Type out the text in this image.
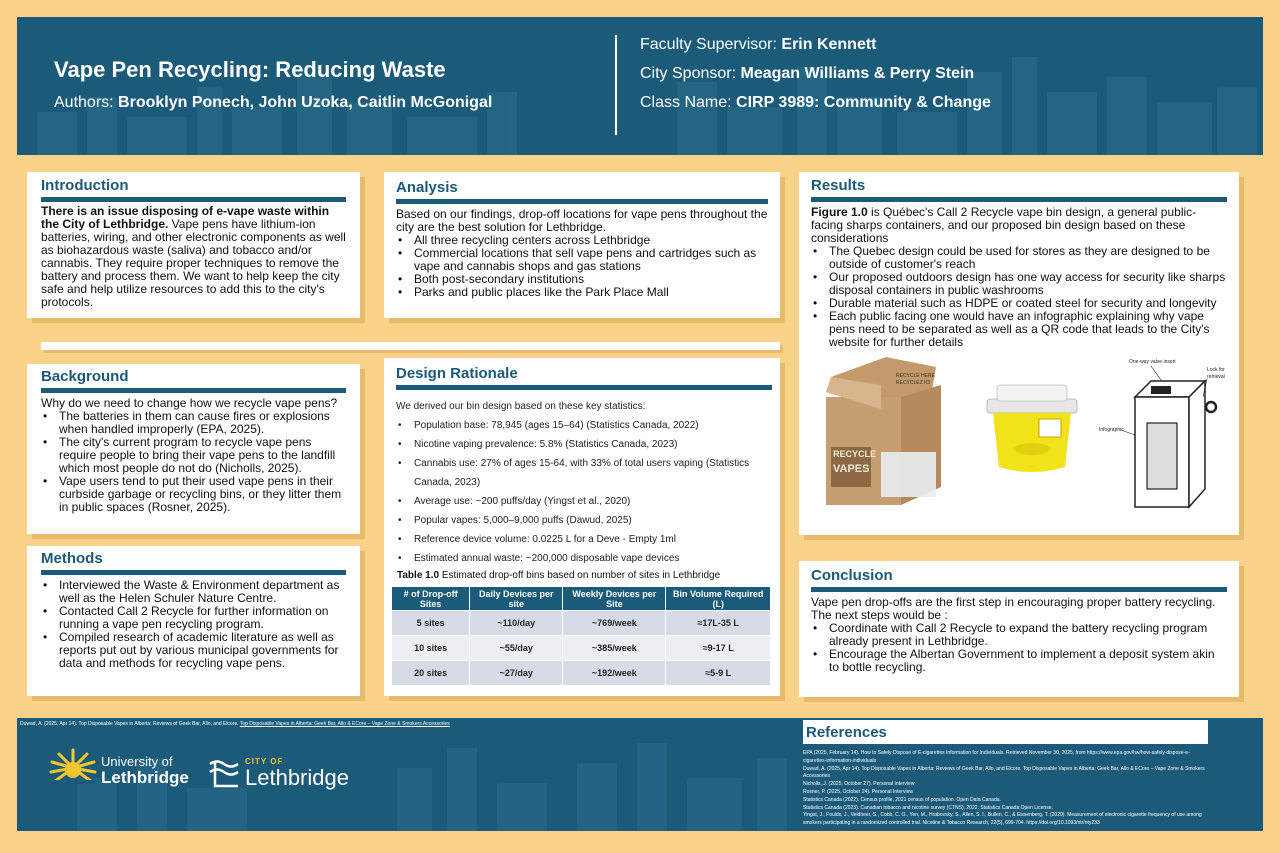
Vape Pen Recycling: Reducing Waste
Authors: Brooklyn Ponech, John Uzoka, Caitlin McGonigal
Faculty Supervisor: Erin Kennett
City Sponsor: Meagan Williams & Perry Stein
Class Name: CIRP 3989: Community & Change
Introduction
There is an issue disposing of e-vape waste within the City of Lethbridge. Vape pens have lithium-ion batteries, wiring, and other electronic components as well as biohazardous waste (saliva) and tobacco and/or cannabis. They require proper techniques to remove the battery and process them. We want to help keep the city safe and help utilize resources to add this to the city's protocols.
Analysis
Based on our findings, drop-off locations for vape pens throughout the city are the best solution for Lethbridge.
• All three recycling centers across Lethbridge
• Commercial locations that sell vape pens and cartridges such as vape and cannabis shops and gas stations
• Both post-secondary institutions
• Parks and public places like the Park Place Mall
Results
Figure 1.0 is Québec's Call 2 Recycle vape bin design, a general public-facing sharps containers, and our proposed bin design based on these considerations
• The Quebec design could be used for stores as they are designed to be outside of customer's reach
• Our proposed outdoors design has one way access for security like sharps disposal containers in public washrooms
• Durable material such as HDPE or coated steel for security and longevity
• Each public facing one would have an infographic explaining why vape pens need to be separated as well as a QR code that leads to the City's website for further details
RECYCLE HERE
RECYCLEZ ICI
RECYCLE
VAPES
One-way valve insert
Lock for
retrieval
Infographic
Background
Why do we need to change how we recycle vape pens?
• The batteries in them can cause fires or explosions when handled improperly (EPA, 2025).
• The city's current program to recycle vape pens require people to bring their vape pens to the landfill which most people do not do (Nicholls, 2025).
• Vape users tend to put their used vape pens in their curbside garbage or recycling bins, or they litter them in public spaces (Rosner, 2025).
Methods
• Interviewed the Waste & Environment department as well as the Helen Schuler Nature Centre.
• Contacted Call 2 Recycle for further information on running a vape pen recycling program.
• Compiled research of academic literature as well as reports put out by various municipal governments for data and methods for recycling vape pens.
Design Rationale
We derived our bin design based on these key statistics:
• Population base: 78,945 (ages 15–64) (Statistics Canada, 2022)
• Nicotine vaping prevalence: 5.8% (Statistics Canada, 2023)
• Cannabis use: 27% of ages 15-64, with 33% of total users vaping (Statistics Canada, 2023)
• Average use: ~200 puffs/day (Yingst et al., 2020)
• Popular vapes: 5,000–9,000 puffs (Dawud, 2025)
• Reference device volume: 0.0225 L for a Deve - Empty 1ml
• Estimated annual waste: ~200,000 disposable vape devices
Table 1.0 Estimated drop-off bins based on number of sites in Lethbridge
# of Drop-off Sites	Daily Devices per site	Weekly Devices per Site	Bin Volume Required (L)
5 sites	~110/day	~769/week	≈17L-35 L
10 sites	~55/day	~385/week	≈9-17 L
20 sites	~27/day	~192/week	≈5-9 L
Conclusion
Vape pen drop-offs are the first step in encouraging proper battery recycling. The next steps would be :
• Coordinate with Call 2 Recycle to expand the battery recycling program already present in Lethbridge.
• Encourage the Albertan Government to implement a deposit system akin to bottle recycling.
University of
Lethbridge
CITY OF
Lethbridge
Duwad, A. (2025, Apr 14). Top Disposable Vapes in Alberta: Reviews of Geek Bar, Allo, and Elcore. Top Disposable Vapes in Alberta: Geek Bar, Allo & ECore – Vape Zone & Smokers Accessories	References
EPA (2025, February 14). How to Safely Dispose of E-cigarettes Information for Individuals. Retrieved November 30, 2025, from https://www.epa.gov/hw/how-safely-dispose-e-cigarettes-information-individuals
Duwad, A. (2025, Apr 14). Top Disposable Vapes in Alberta: Reviews of Geek Bar, Allo, and Elcore. Top Disposable Vapes in Alberta: Geek Bar, Allo & ECore – Vape Zone & Smokers Accessories
Nicholls, J. (2025, October 27). Personal Interview
Rosner, P. (2025, October 24). Personal Interview
Statistics Canada (2022). Census profile, 2021 census of population. Open Data Canada.
Statistics Canada (2023). Canadian tobacco and nicotine survey (CTNS), 2022. Statistics Canada Open License.
Yingst, J., Foulds, J., Veldheer, S., Cobb, C. O., Yen, M., Hrabovsky, S., Allen, S. I., Bullen, C., & Eissenberg, T. (2020). Measurement of electronic cigarette frequency of use among smokers participating in a randomized controlled trial. Nicotine & Tobacco Research, 22(5), 699-704. https://doi.org/10.1093/ntr/nty233
